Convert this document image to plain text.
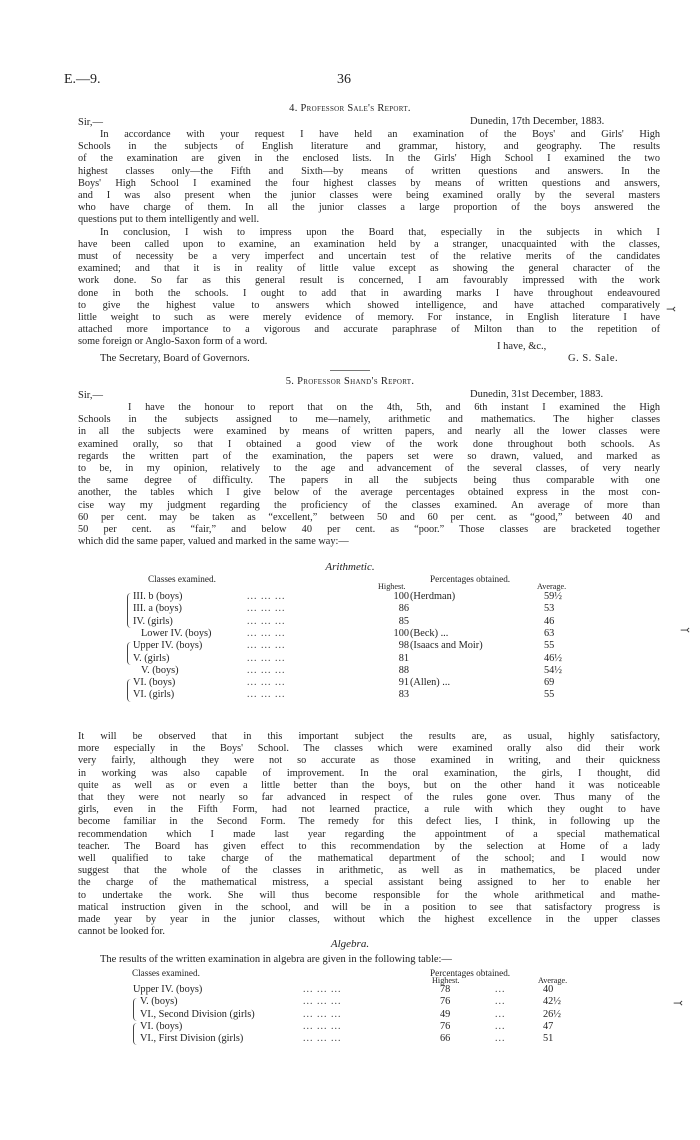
E.—9.	36
4. Professor Sale's Report.
Sir,—	Dunedin, 17th December, 1883.
In accordance with your request I have held an examination of the Boys' and Girls' High
Schools in the subjects of English literature and grammar, history, and geography. The results
of the examination are given in the enclosed lists. In the Girls' High School I examined the two
highest classes only—the Fifth and Sixth—by means of written questions and answers. In the
Boys' High School I examined the four highest classes by means of written questions and answers,
and I was also present when the junior classes were being examined orally by the several masters
who have charge of them. In all the junior classes a large proportion of the boys answered the
questions put to them intelligently and well.
In conclusion, I wish to impress upon the Board that, especially in the subjects in which I
have been called upon to examine, an examination held by a stranger, unacquainted with the classes,
must of necessity be a very imperfect and uncertain test of the relative merits of the candidates
examined; and that it is in reality of little value except as showing the general character of the
work done. So far as this general result is concerned, I am favourably impressed with the work
done in both the schools. I ought to add that in awarding marks I have throughout endeavoured
to give the highest value to answers which showed intelligence, and have attached comparatively
little weight to such as were merely evidence of memory. For instance, in English literature I have
attached more importance to a vigorous and accurate paraphrase of Milton than to the repetition of
some foreign or Anglo-Saxon form of a word.	I have, &c.,
The Secretary, Board of Governors.	G. S. Sale.
5. Professor Shand's Report.
Sir,—	Dunedin, 31st December, 1883.
I have the honour to report that on the 4th, 5th, and 6th instant I examined the High
Schools in the subjects assigned to me—namely, arithmetic and mathematics. The higher classes
in all the subjects were examined by means of written papers, and nearly all the lower classes were
examined orally, so that I obtained a good view of the work done throughout both schools. As
regards the written part of the examination, the papers set were so drawn, valued, and marked as
to be, in my opinion, relatively to the age and advancement of the several classes, of very nearly
the same degree of difficulty. The papers in all the subjects being thus comparable with one
another, the tables which I give below of the average percentages obtained express in the most con-
cise way my judgment regarding the proficiency of the classes examined. An average of more than
60 per cent. may be taken as “excellent,” between 50 and 60 per cent. as “good,” between 40 and
50 per cent. as “fair,” and below 40 per cent. as “poor.” Those classes are bracketed together
which did the same paper, valued and marked in the same way:—
Arithmetic.
Classes examined.	Percentages obtained.
Highest.	Average.
III. b (boys)	... ... ...	100 (Herdman)	59½
III. a (boys)	... ... ...	86	53
IV. (girls)	... ... ...	85	46
Lower IV. (boys)	... ... ...	100 (Beck) ...	63
Upper IV. (boys)	... ... ...	98 (Isaacs and Moir)	55
V. (girls)	... ... ...	81	46½
V. (boys)	... ... ...	88	54½
VI. (boys)	... ... ...	91 (Allen) ...	69
VI. (girls)	... ... ...	83	55
It will be observed that in this important subject the results are, as usual, highly satisfactory,
more especially in the Boys' School. The classes which were examined orally also did their work
very fairly, although they were not so accurate as those examined in writing, and their quickness
in working was also capable of improvement. In the oral examination, the girls, I thought, did
quite as well as or even a little better than the boys, but on the other hand it was noticeable
that they were not nearly so far advanced in respect of the rules gone over. Thus many of the
girls, even in the Fifth Form, had not learned practice, a rule with which they ought to have
become familiar in the Second Form. The remedy for this defect lies, I think, in following up the
recommendation which I made last year regarding the appointment of a special mathematical
teacher. The Board has given effect to this recommendation by the selection at Home of a lady
well qualified to take charge of the mathematical department of the school; and I would now
suggest that the whole of the classes in arithmetic, as well as in mathematics, be placed under
the charge of the mathematical mistress, a special assistant being assigned to her to enable her
to undertake the work. She will thus become responsible for the whole arithmetical and mathe-
matical instruction given in the school, and will be in a position to see that satisfactory progress is
made year by year in the junior classes, without which the highest excellence in the upper classes
cannot be looked for.
Algebra.
The results of the written examination in algebra are given in the following table:—
Classes examined.	Percentages obtained.
Highest.	Average.
Upper IV. (boys)	... ... ...	78	...	40
V. (boys)	... ... ...	76	...	42½
VI., Second Division (girls)	... ... ...	49	...	26½
VI. (boys)	... ... ...	76	...	47
VI., First Division (girls)	... ... ...	66	...	51
⤙
⤙
⤙
